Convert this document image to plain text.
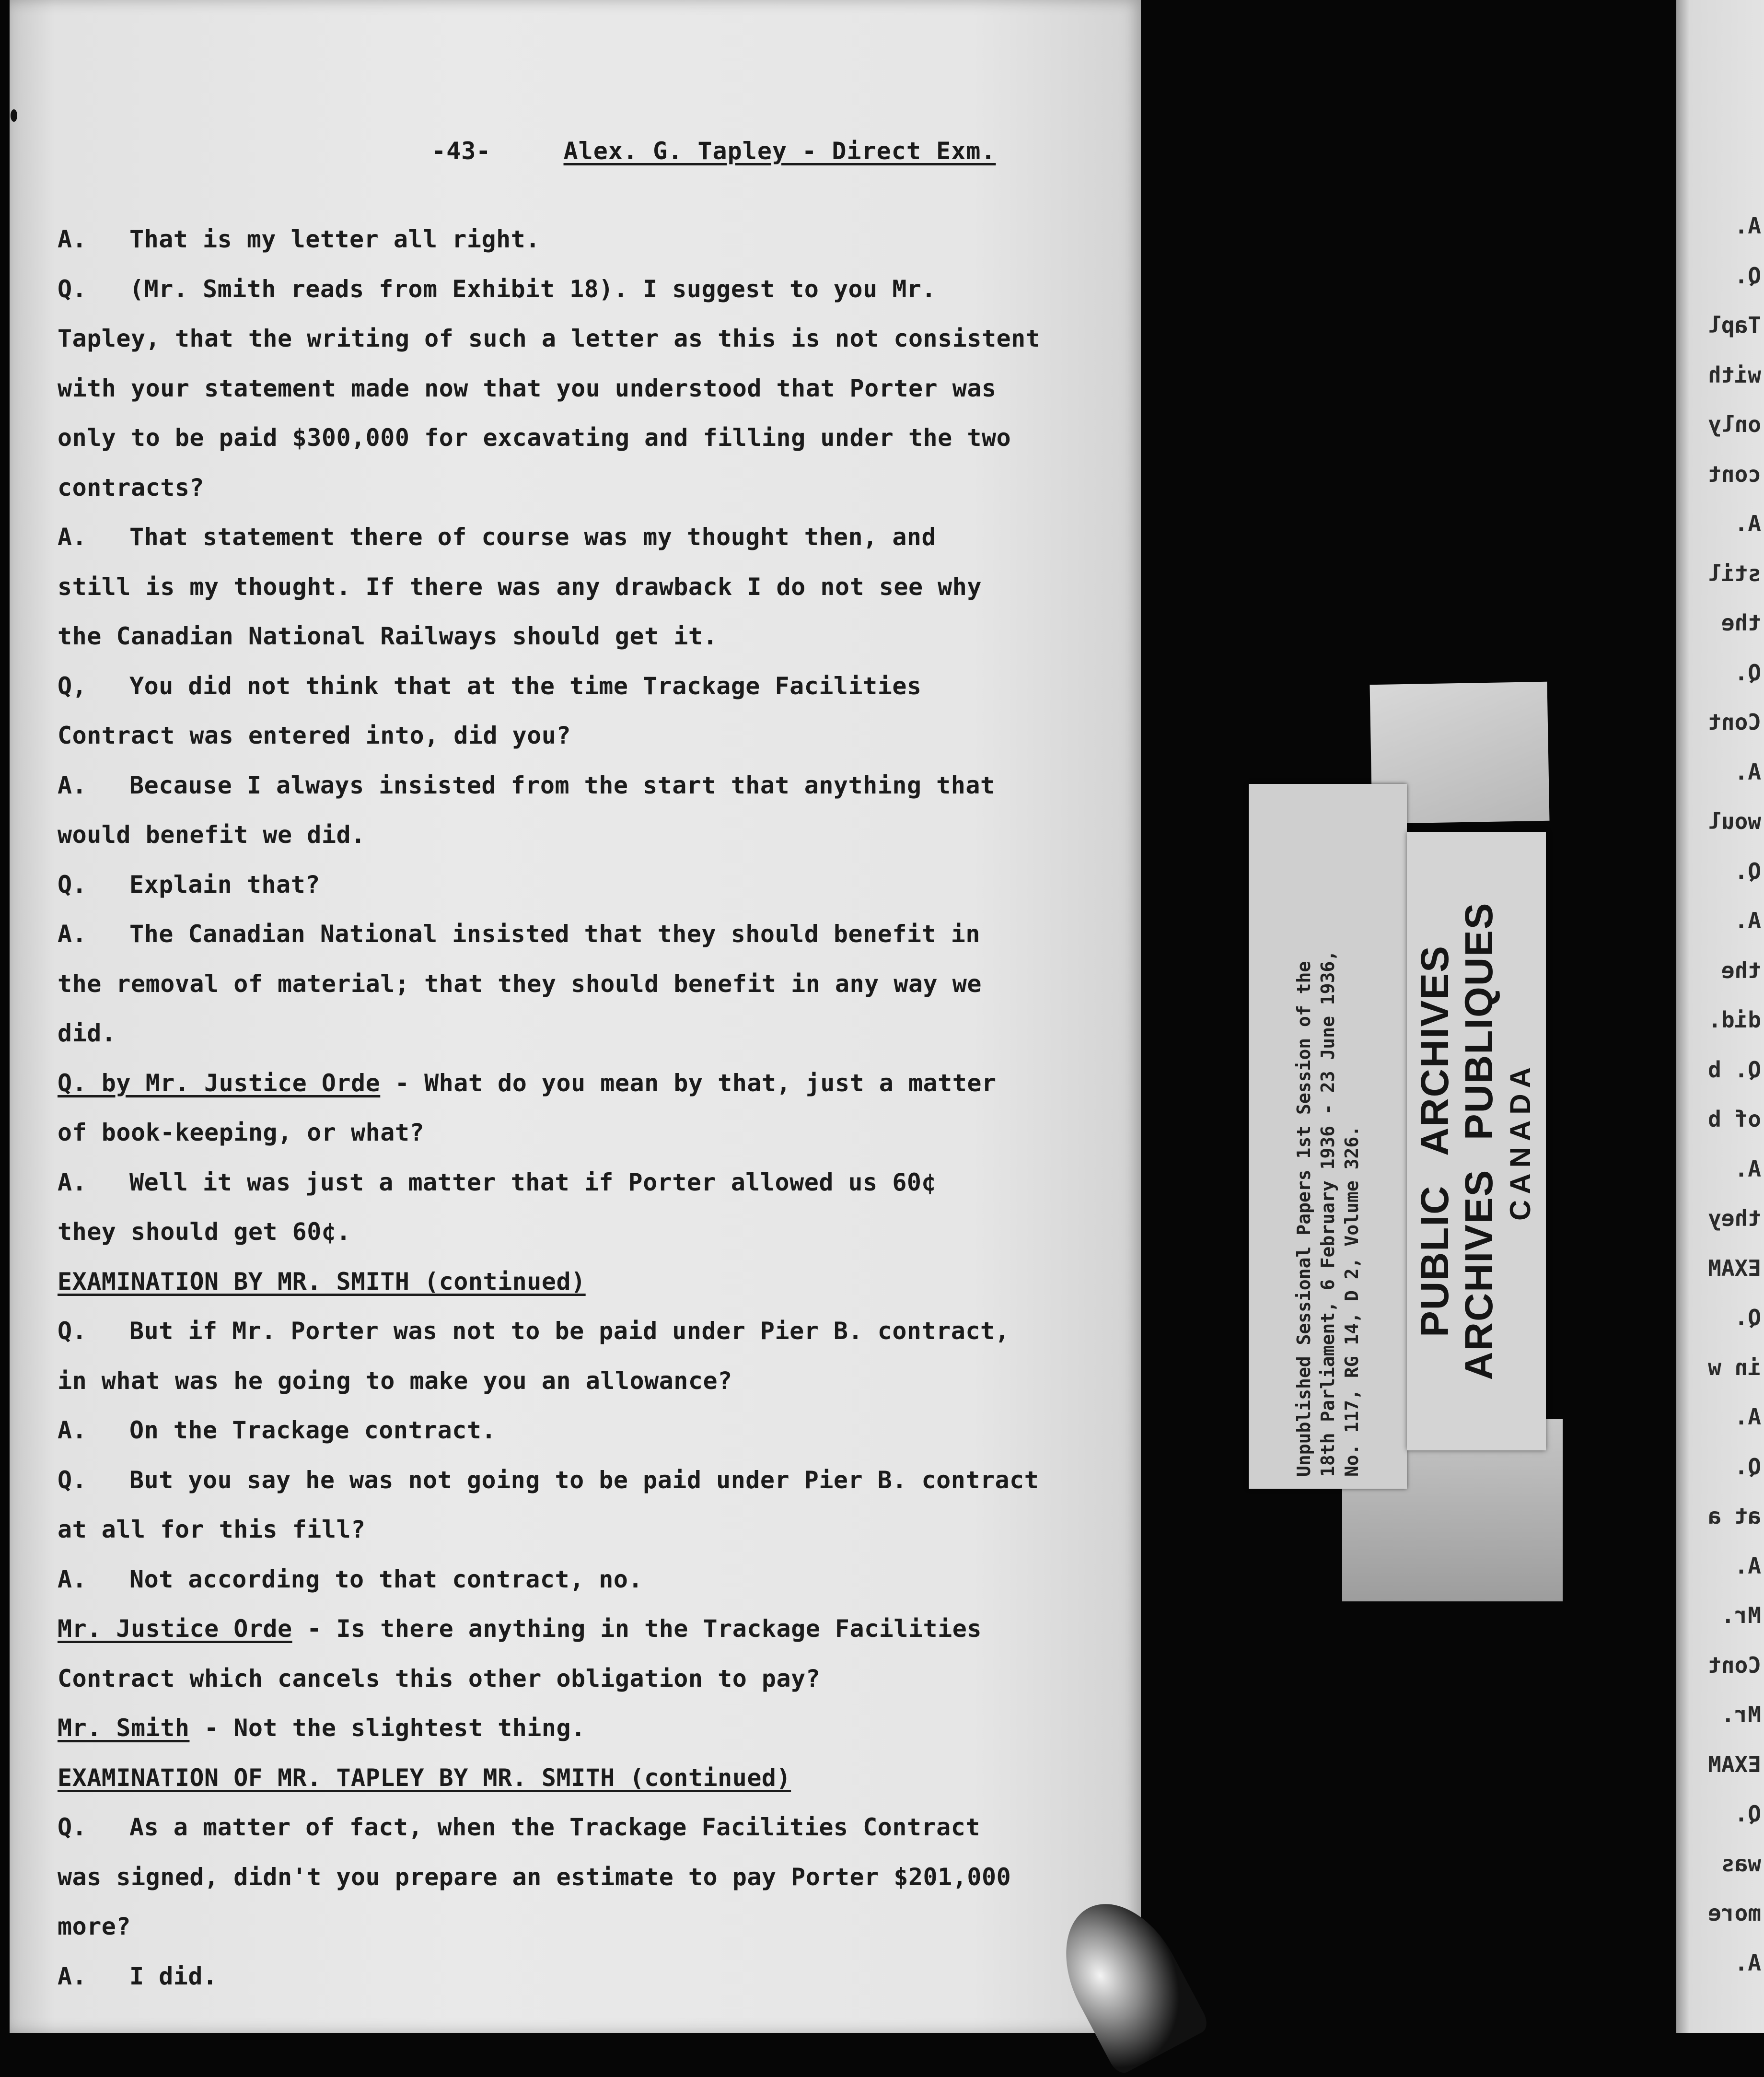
-43-	Alex. G. Tapley - Direct Exm.
A. That is my letter all right.
Q. (Mr. Smith reads from Exhibit 18). I suggest to you Mr.
Tapley, that the writing of such a letter as this is not consistent
with your statement made now that you understood that Porter was
only to be paid $300,000 for excavating and filling under the two
contracts?
A. That statement there of course was my thought then, and
still is my thought. If there was any drawback I do not see why
the Canadian National Railways should get it.
Q, You did not think that at the time Trackage Facilities
Contract was entered into, did you?
A. Because I always insisted from the start that anything that
would benefit we did.
Q. Explain that?
A. The Canadian National insisted that they should benefit in
the removal of material; that they should benefit in any way we
did.
Q. by Mr. Justice Orde - What do you mean by that, just a matter
of book-keeping, or what?
A. Well it was just a matter that if Porter allowed us 60¢
they should get 60¢.
EXAMINATION BY MR. SMITH (continued)
Q. But if Mr. Porter was not to be paid under Pier B. contract,
in what was he going to make you an allowance?
A. On the Trackage contract.
Q. But you say he was not going to be paid under Pier B. contract
at all for this fill?
A. Not according to that contract, no.
Mr. Justice Orde - Is there anything in the Trackage Facilities
Contract which cancels this other obligation to pay?
Mr. Smith - Not the slightest thing.
EXAMINATION OF MR. TAPLEY BY MR. SMITH (continued)
Q. As a matter of fact, when the Trackage Facilities Contract
was signed, didn't you prepare an estimate to pay Porter $201,000
more?
A. I did.
A.
Q.
Tapl
with
only
cont
A.
stil
the
Q.
Cont
A.
woul
Q.
A.
the
did.
Q. b
of b
A.
they
EXAM
Q.
in w
A.
Q.
at a
A.
Mr.
Cont
Mr.
EXAM
Q.
was
more
A.
Unpublished Sessional Papers 1st Session of the 18th Parliament, 6 February 1936 - 23 June 1936, No. 117, RG 14, D 2, Volume 326. PUBLIC ARCHIVES
ARCHIVES PUBLIQUES
CANADA
